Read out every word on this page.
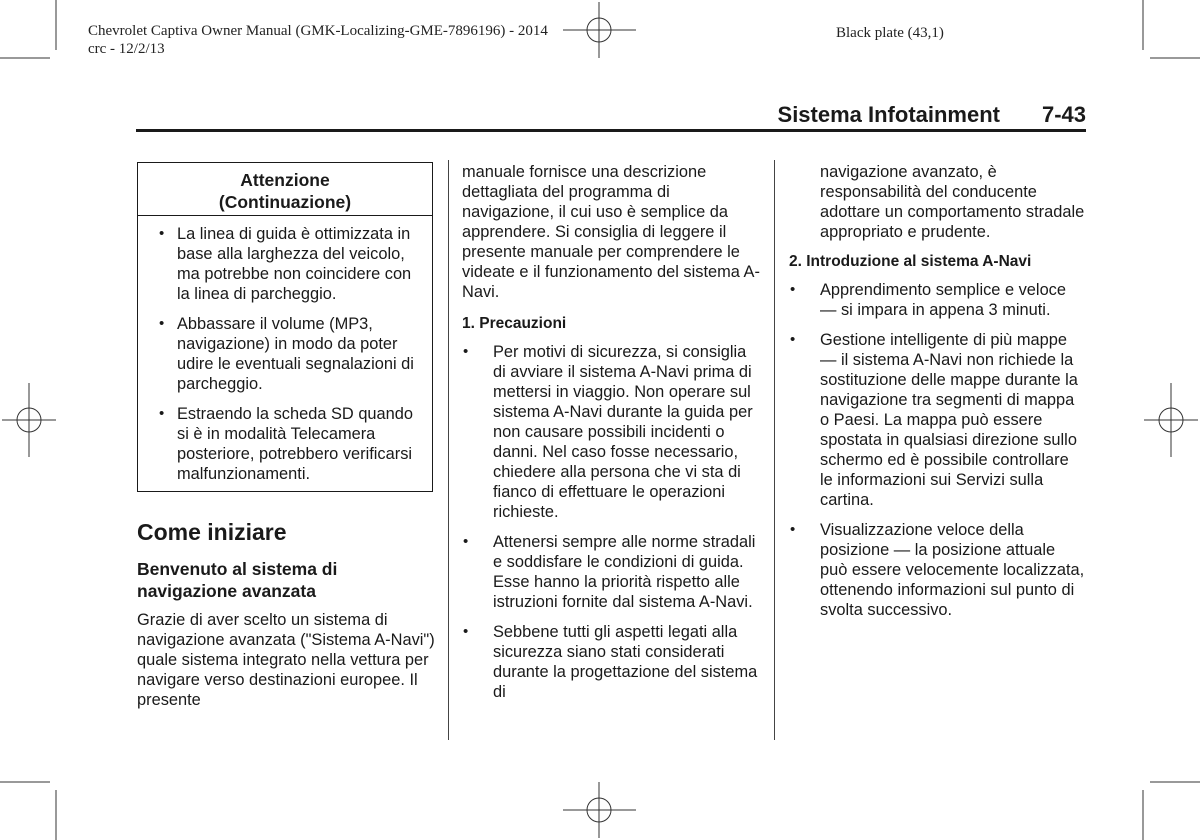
Chevrolet Captiva Owner Manual (GMK-Localizing-GME-7896196) - 2014
crc - 12/2/13
Black plate (43,1)
Sistema Infotainment 7-43
Attenzione
(Continuazione)
• La linea di guida è ottimizzata in base alla larghezza del veicolo, ma potrebbe non coincidere con la linea di parcheggio.

• Abbassare il volume (MP3, navigazione) in modo da poter udire le eventuali segnalazioni di parcheggio.

• Estraendo la scheda SD quando si è in modalità Telecamera posteriore, potrebbero verificarsi malfunzionamenti.

Come iniziare
Benvenuto al sistema di
navigazione avanzata

Grazie di aver scelto un sistema di navigazione avanzata ("Sistema A-Navi") quale sistema integrato nella vettura per navigare verso destinazioni europee. Il presente

manuale fornisce una descrizione dettagliata del programma di navigazione, il cui uso è semplice da apprendere. Si consiglia di leggere il presente manuale per comprendere le videate e il funzionamento del sistema A-Navi.

1. Precauzioni
• Per motivi di sicurezza, si consiglia di avviare il sistema A-Navi prima di mettersi in viaggio. Non operare sul sistema A-Navi durante la guida per non causare possibili incidenti o danni. Nel caso fosse necessario, chiedere alla persona che vi sta di fianco di effettuare le operazioni richieste.

• Attenersi sempre alle norme stradali e soddisfare le condizioni di guida. Esse hanno la priorità rispetto alle istruzioni fornite dal sistema A-Navi.

• Sebbene tutti gli aspetti legati alla sicurezza siano stati considerati durante la progettazione del sistema di

navigazione avanzato, è responsabilità del conducente adottare un comportamento stradale appropriato e prudente.

2. Introduzione al sistema A-Navi
• Apprendimento semplice e veloce — si impara in appena 3 minuti.

• Gestione intelligente di più mappe — il sistema A-Navi non richiede la sostituzione delle mappe durante la navigazione tra segmenti di mappa o Paesi. La mappa può essere spostata in qualsiasi direzione sullo schermo ed è possibile controllare le informazioni sui Servizi sulla cartina.

• Visualizzazione veloce della posizione — la posizione attuale può essere velocemente localizzata, ottenendo informazioni sul punto di svolta successivo.
